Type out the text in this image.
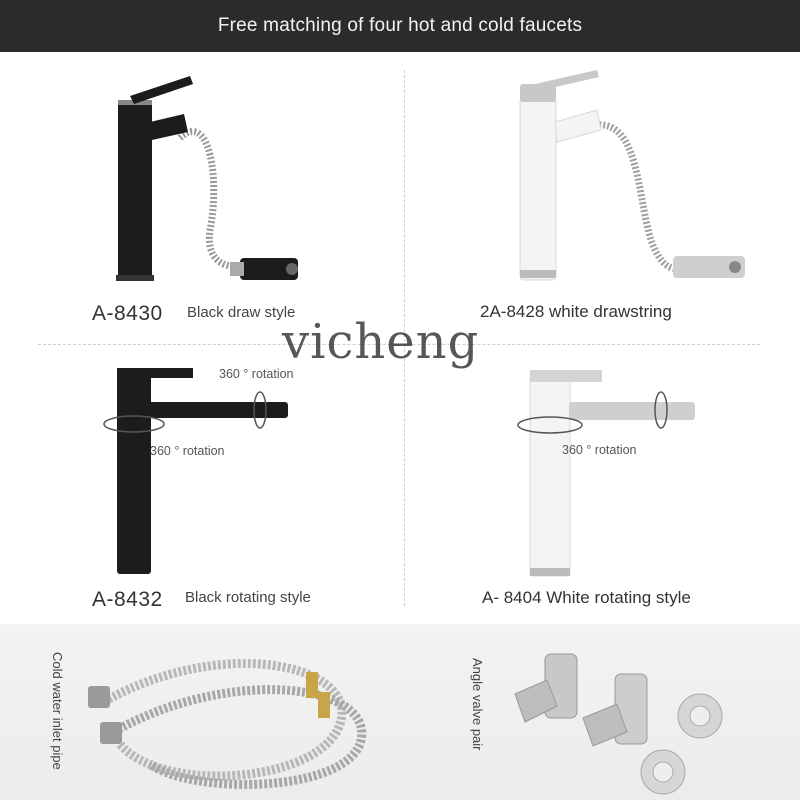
Free matching of four hot and cold faucets
A-8430 Black draw style	2A-8428 white drawstring
360 ° rotation
360 ° rotation
A-8432 Black rotating style
360 ° rotation
A- 8404 White rotating style
vicheng
Cold water inlet pipe	Angle valve pair
